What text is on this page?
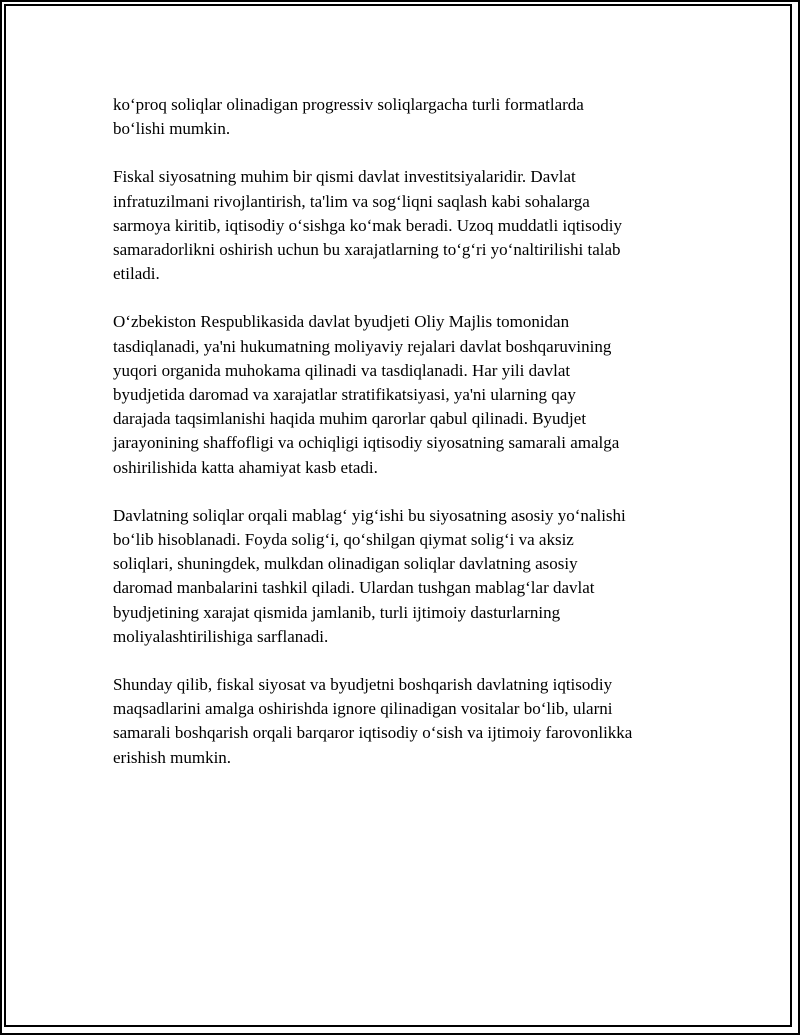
ko‘proq soliqlar olinadigan progressiv soliqlargacha turli formatlarda
bo‘lishi mumkin.

Fiskal siyosatning muhim bir qismi davlat investitsiyalaridir. Davlat
infratuzilmani rivojlantirish, ta'lim va sog‘liqni saqlash kabi sohalarga
sarmoya kiritib, iqtisodiy o‘sishga ko‘mak beradi. Uzoq muddatli iqtisodiy
samaradorlikni oshirish uchun bu xarajatlarning to‘g‘ri yo‘naltirilishi talab
etiladi.

O‘zbekiston Respublikasida davlat byudjeti Oliy Majlis tomonidan
tasdiqlanadi, ya'ni hukumatning moliyaviy rejalari davlat boshqaruvining
yuqori organida muhokama qilinadi va tasdiqlanadi. Har yili davlat
byudjetida daromad va xarajatlar stratifikatsiyasi, ya'ni ularning qay
darajada taqsimlanishi haqida muhim qarorlar qabul qilinadi. Byudjet
jarayonining shaffofligi va ochiqligi iqtisodiy siyosatning samarali amalga
oshirilishida katta ahamiyat kasb etadi.

Davlatning soliqlar orqali mablag‘ yig‘ishi bu siyosatning asosiy yo‘nalishi
bo‘lib hisoblanadi. Foyda solig‘i, qo‘shilgan qiymat solig‘i va aksiz
soliqlari, shuningdek, mulkdan olinadigan soliqlar davlatning asosiy
daromad manbalarini tashkil qiladi. Ulardan tushgan mablag‘lar davlat
byudjetining xarajat qismida jamlanib, turli ijtimoiy dasturlarning
moliyalashtirilishiga sarflanadi.

Shunday qilib, fiskal siyosat va byudjetni boshqarish davlatning iqtisodiy
maqsadlarini amalga oshirishda ignore qilinadigan vositalar bo‘lib, ularni
samarali boshqarish orqali barqaror iqtisodiy o‘sish va ijtimoiy farovonlikka
erishish mumkin.
